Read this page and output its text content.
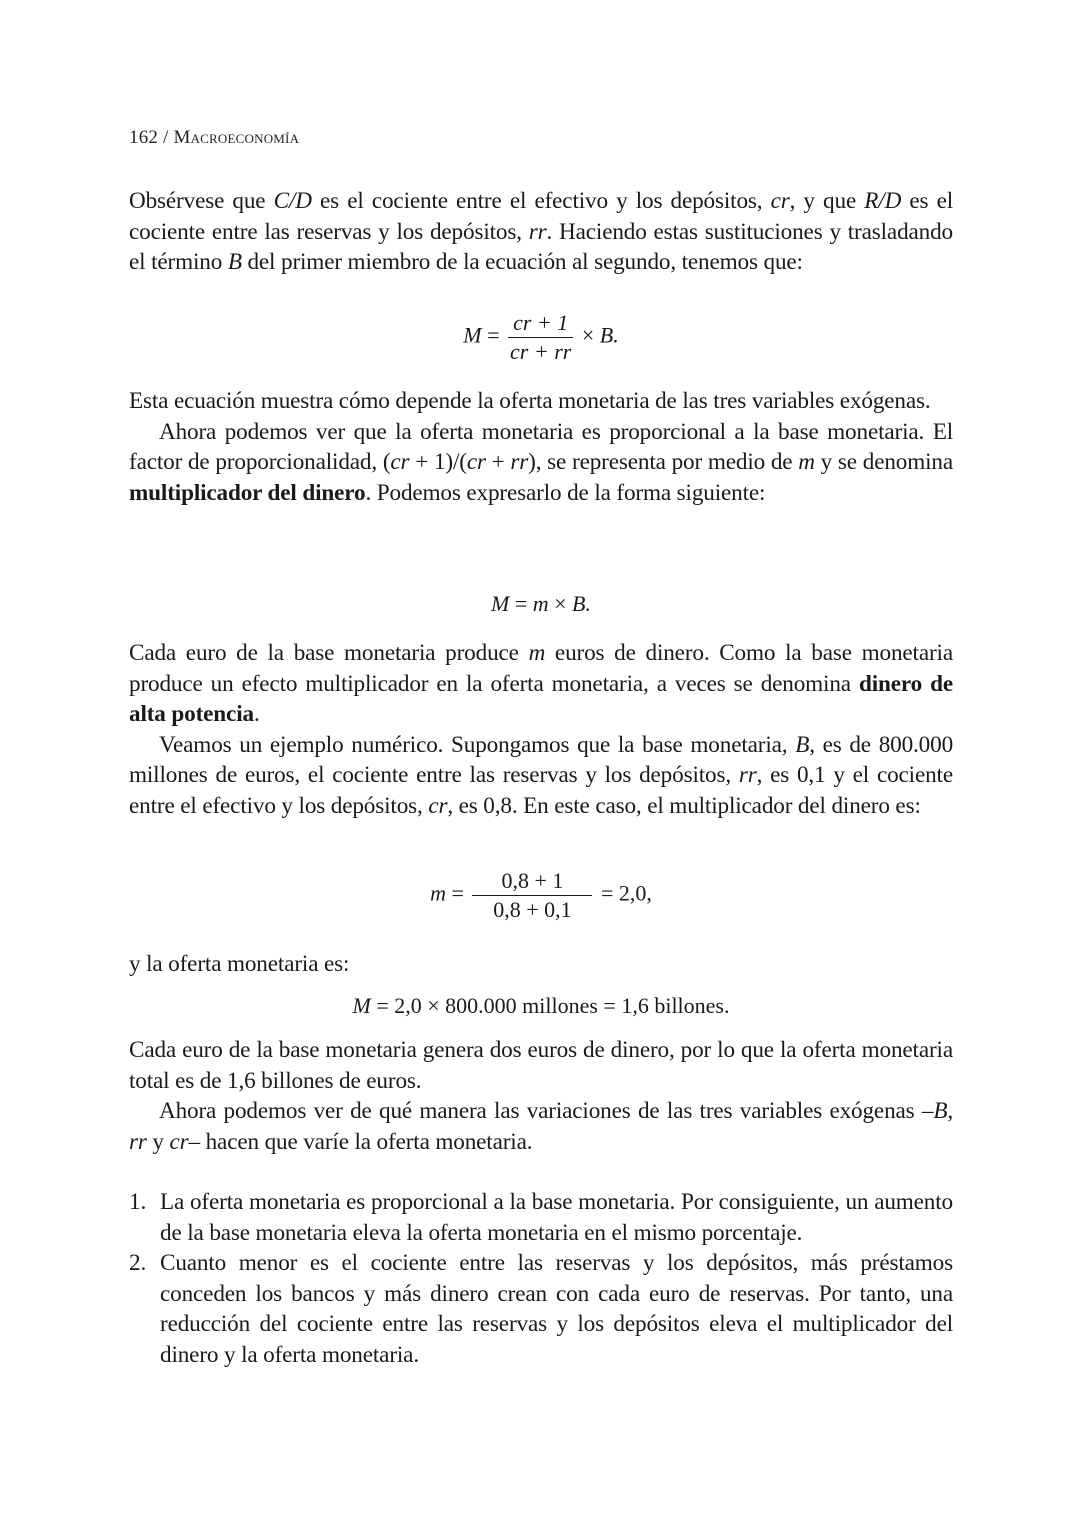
162 / Macroeconomía

Obsérvese que C/D es el cociente entre el efectivo y los depósitos, cr, y que R/D es el cociente entre las reservas y los depósitos, rr. Haciendo estas sustituciones y trasladando el término B del primer miembro de la ecuación al segundo, tenemos que:

$M = \frac{cr + 1}{cr + rr} \times B$.

Esta ecuación muestra cómo depende la oferta monetaria de las tres variables exógenas.

Ahora podemos ver que la oferta monetaria es proporcional a la base monetaria. El factor de proporcionalidad, (cr + 1)/(cr + rr), se representa por medio de m y se denomina multiplicador del dinero. Podemos expresarlo de la forma siguiente:

M = m × B.

Cada euro de la base monetaria produce m euros de dinero. Como la base monetaria produce un efecto multiplicador en la oferta monetaria, a veces se denomina dinero de alta potencia.

Veamos un ejemplo numérico. Supongamos que la base monetaria, B, es de 800.000 millones de euros, el cociente entre las reservas y los depósitos, rr, es 0,1 y el cociente entre el efectivo y los depósitos, cr, es 0,8. En este caso, el multiplicador del dinero es:

$m = \frac{0,8 + 1}{0,8 + 0,1} = 2,0$,

y la oferta monetaria es:

M = 2,0 × 800.000 millones = 1,6 billones.

Cada euro de la base monetaria genera dos euros de dinero, por lo que la oferta monetaria total es de 1,6 billones de euros.

Ahora podemos ver de qué manera las variaciones de las tres variables exógenas –B, rr y cr– hacen que varíe la oferta monetaria.

1. La oferta monetaria es proporcional a la base monetaria. Por consiguiente, un aumento de la base monetaria eleva la oferta monetaria en el mismo porcentaje.
2. Cuanto menor es el cociente entre las reservas y los depósitos, más préstamos conceden los bancos y más dinero crean con cada euro de reservas. Por tanto, una reducción del cociente entre las reservas y los depósitos eleva el multiplicador del dinero y la oferta monetaria.
